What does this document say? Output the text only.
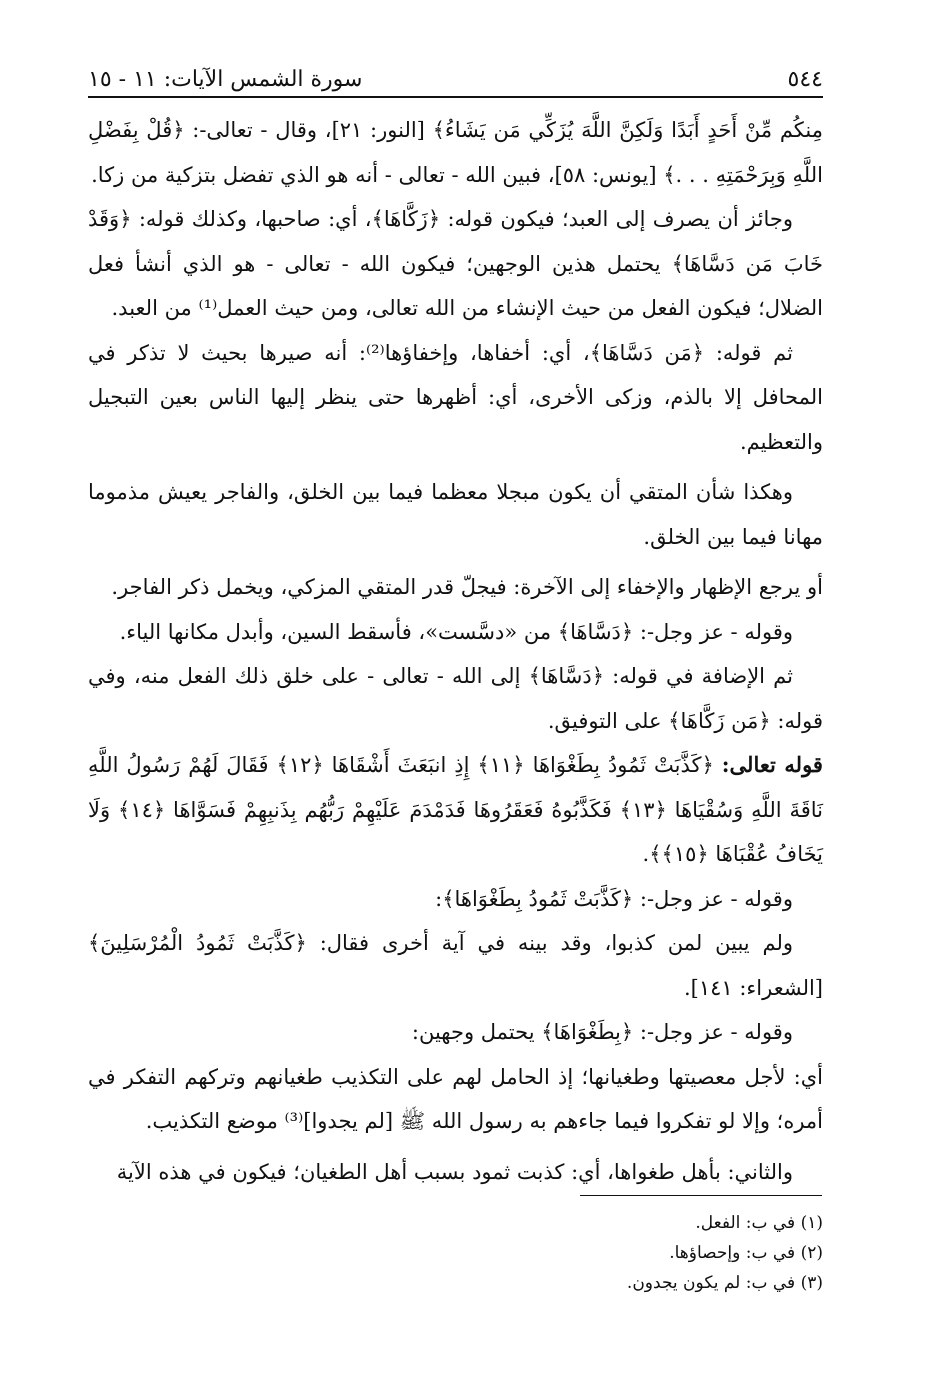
٥٤٤
سورة الشمس الآيات: ١١ - ١٥

مِنكُم مِّنْ أَحَدٍ أَبَدًا وَلَكِنَّ اللَّهَ يُزَكِّي مَن يَشَاءُ﴾ [النور: ٢١]، وقال - تعالى-: ﴿قُلْ بِفَضْلِ اللَّهِ وَبِرَحْمَتِهِ . . .﴾ [يونس: ٥٨]، فبين الله - تعالى - أنه هو الذي تفضل بتزكية من زكا.

وجائز أن يصرف إلى العبد؛ فيكون قوله: ﴿زَكَّاهَا﴾، أي: صاحبها، وكذلك قوله: ﴿وَقَدْ خَابَ مَن دَسَّاهَا﴾ يحتمل هذين الوجهين؛ فيكون الله - تعالى - هو الذي أنشأ فعل الضلال؛ فيكون الفعل من حيث الإنشاء من الله تعالى، ومن حيث العمل⁽¹⁾ من العبد.

ثم قوله: ﴿مَن دَسَّاهَا﴾، أي: أخفاها، وإخفاؤها⁽²⁾: أنه صيرها بحيث لا تذكر في المحافل إلا بالذم، وزكى الأخرى، أي: أظهرها حتى ينظر إليها الناس بعين التبجيل والتعظيم.

وهكذا شأن المتقي أن يكون مبجلا معظما فيما بين الخلق، والفاجر يعيش مذموما مهانا فيما بين الخلق.

أو يرجع الإظهار والإخفاء إلى الآخرة: فيجلّ قدر المتقي المزكي، ويخمل ذكر الفاجر.

وقوله - عز وجل-: ﴿دَسَّاهَا﴾ من «دسَّست»، فأسقط السين، وأبدل مكانها الياء.

ثم الإضافة في قوله: ﴿دَسَّاهَا﴾ إلى الله - تعالى - على خلق ذلك الفعل منه، وفي قوله: ﴿مَن زَكَّاهَا﴾ على التوفيق.

قوله تعالى: ﴿كَذَّبَتْ ثَمُودُ بِطَغْوَاهَا ﴿١١﴾ إِذِ انبَعَثَ أَشْقَاهَا ﴿١٢﴾ فَقَالَ لَهُمْ رَسُولُ اللَّهِ نَاقَةَ اللَّهِ وَسُقْيَاهَا ﴿١٣﴾ فَكَذَّبُوهُ فَعَقَرُوهَا فَدَمْدَمَ عَلَيْهِمْ رَبُّهُم بِذَنبِهِمْ فَسَوَّاهَا ﴿١٤﴾ وَلَا يَخَافُ عُقْبَاهَا ﴿١٥﴾﴾.

وقوله - عز وجل-: ﴿كَذَّبَتْ ثَمُودُ بِطَغْوَاهَا﴾:

ولم يبين لمن كذبوا، وقد بينه في آية أخرى فقال: ﴿كَذَّبَتْ ثَمُودُ الْمُرْسَلِينَ﴾ [الشعراء: ١٤١].

وقوله - عز وجل-: ﴿بِطَغْوَاهَا﴾ يحتمل وجهين:

أي: لأجل معصيتها وطغيانها؛ إذ الحامل لهم على التكذيب طغيانهم وتركهم التفكر في أمره؛ وإلا لو تفكروا فيما جاءهم به رسول الله ﷺ [لم يجدوا]⁽³⁾ موضع التكذيب.

والثاني: بأهل طغواها، أي: كذبت ثمود بسبب أهل الطغيان؛ فيكون في هذه الآية

(١) في ب: الفعل.

(٢) في ب: وإحصاؤها.

(٣) في ب: لم يكون يجدون.
